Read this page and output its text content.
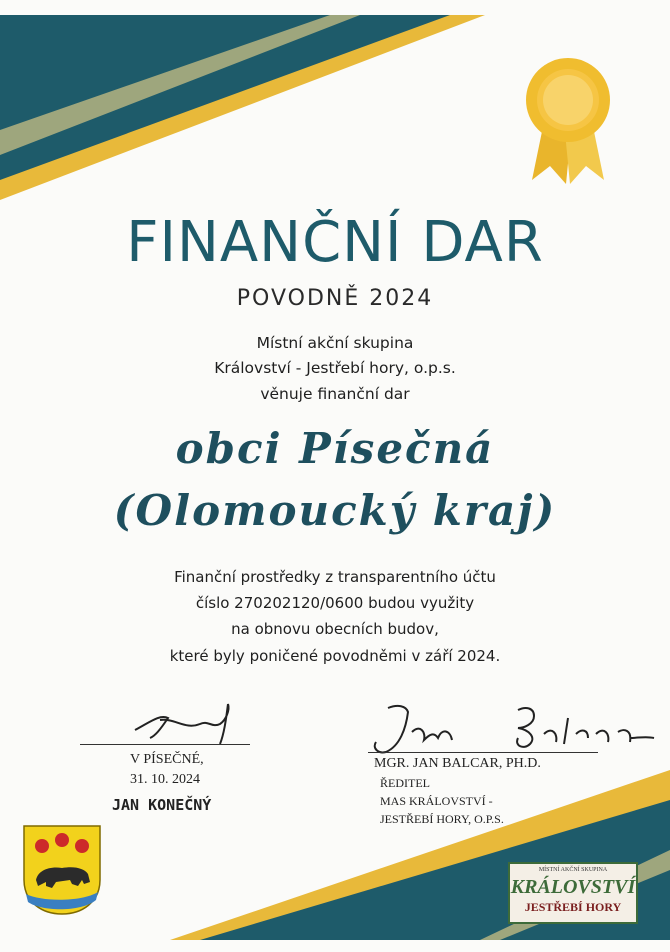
FINANČNÍ DAR
POVODNĚ 2024
Místní akční skupina
Království - Jestřebí hory, o.p.s.
věnuje finanční dar
obci Písečná
(Olomoucký kraj)
Finanční prostředky z transparentního účtu
číslo 270202120/0600 budou využity
na obnovu obecních budov,
které byly poničené povodněmi v září 2024.
V PÍSEČNÉ,
31. 10. 2024
JAN KONEČNÝ
MGR. JAN BALCAR, PH.D.
ŘEDITEL
MAS KRÁLOVSTVÍ -
JESTŘEBÍ HORY, O.P.S.
MÍSTNÍ AKČNÍ SKUPINA
KRÁLOVSTVÍ
JESTŘEBÍ HORY
